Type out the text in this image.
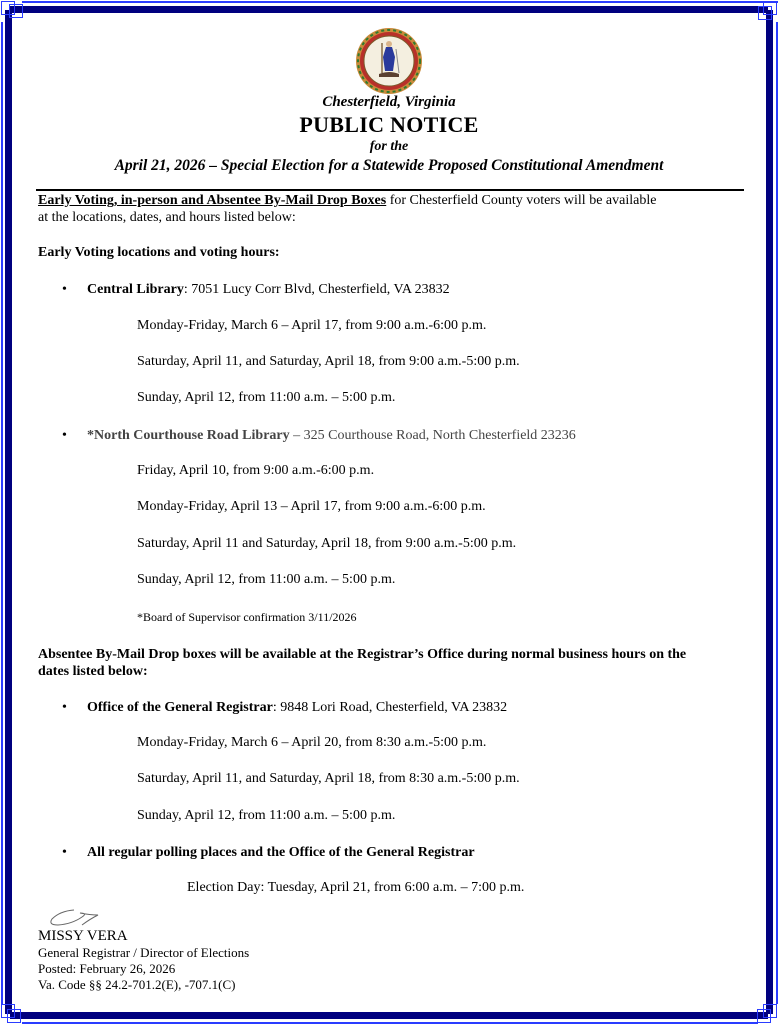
Chesterfield, Virginia
PUBLIC NOTICE
for the
April 21, 2026 – Special Election for a Statewide Proposed Constitutional Amendment
Early Voting, in-person and Absentee By-Mail Drop Boxes for Chesterfield County voters will be available
at the locations, dates, and hours listed below:
Early Voting locations and voting hours:
• Central Library: 7051 Lucy Corr Blvd, Chesterfield, VA 23832
Monday-Friday, March 6 – April 17, from 9:00 a.m.-6:00 p.m.
Saturday, April 11, and Saturday, April 18, from 9:00 a.m.-5:00 p.m.
Sunday, April 12, from 11:00 a.m. – 5:00 p.m.
• *North Courthouse Road Library – 325 Courthouse Road, North Chesterfield 23236
Friday, April 10, from 9:00 a.m.-6:00 p.m.
Monday-Friday, April 13 – April 17, from 9:00 a.m.-6:00 p.m.
Saturday, April 11 and Saturday, April 18, from 9:00 a.m.-5:00 p.m.
Sunday, April 12, from 11:00 a.m. – 5:00 p.m.
*Board of Supervisor confirmation 3/11/2026
Absentee By-Mail Drop boxes will be available at the Registrar’s Office during normal business hours on the
dates listed below:
• Office of the General Registrar: 9848 Lori Road, Chesterfield, VA 23832
Monday-Friday, March 6 – April 20, from 8:30 a.m.-5:00 p.m.
Saturday, April 11, and Saturday, April 18, from 8:30 a.m.-5:00 p.m.
Sunday, April 12, from 11:00 a.m. – 5:00 p.m.
• All regular polling places and the Office of the General Registrar
Election Day: Tuesday, April 21, from 6:00 a.m. – 7:00 p.m.
MISSY VERA
General Registrar / Director of Elections
Posted: February 26, 2026
Va. Code §§ 24.2-701.2(E), -707.1(C)
